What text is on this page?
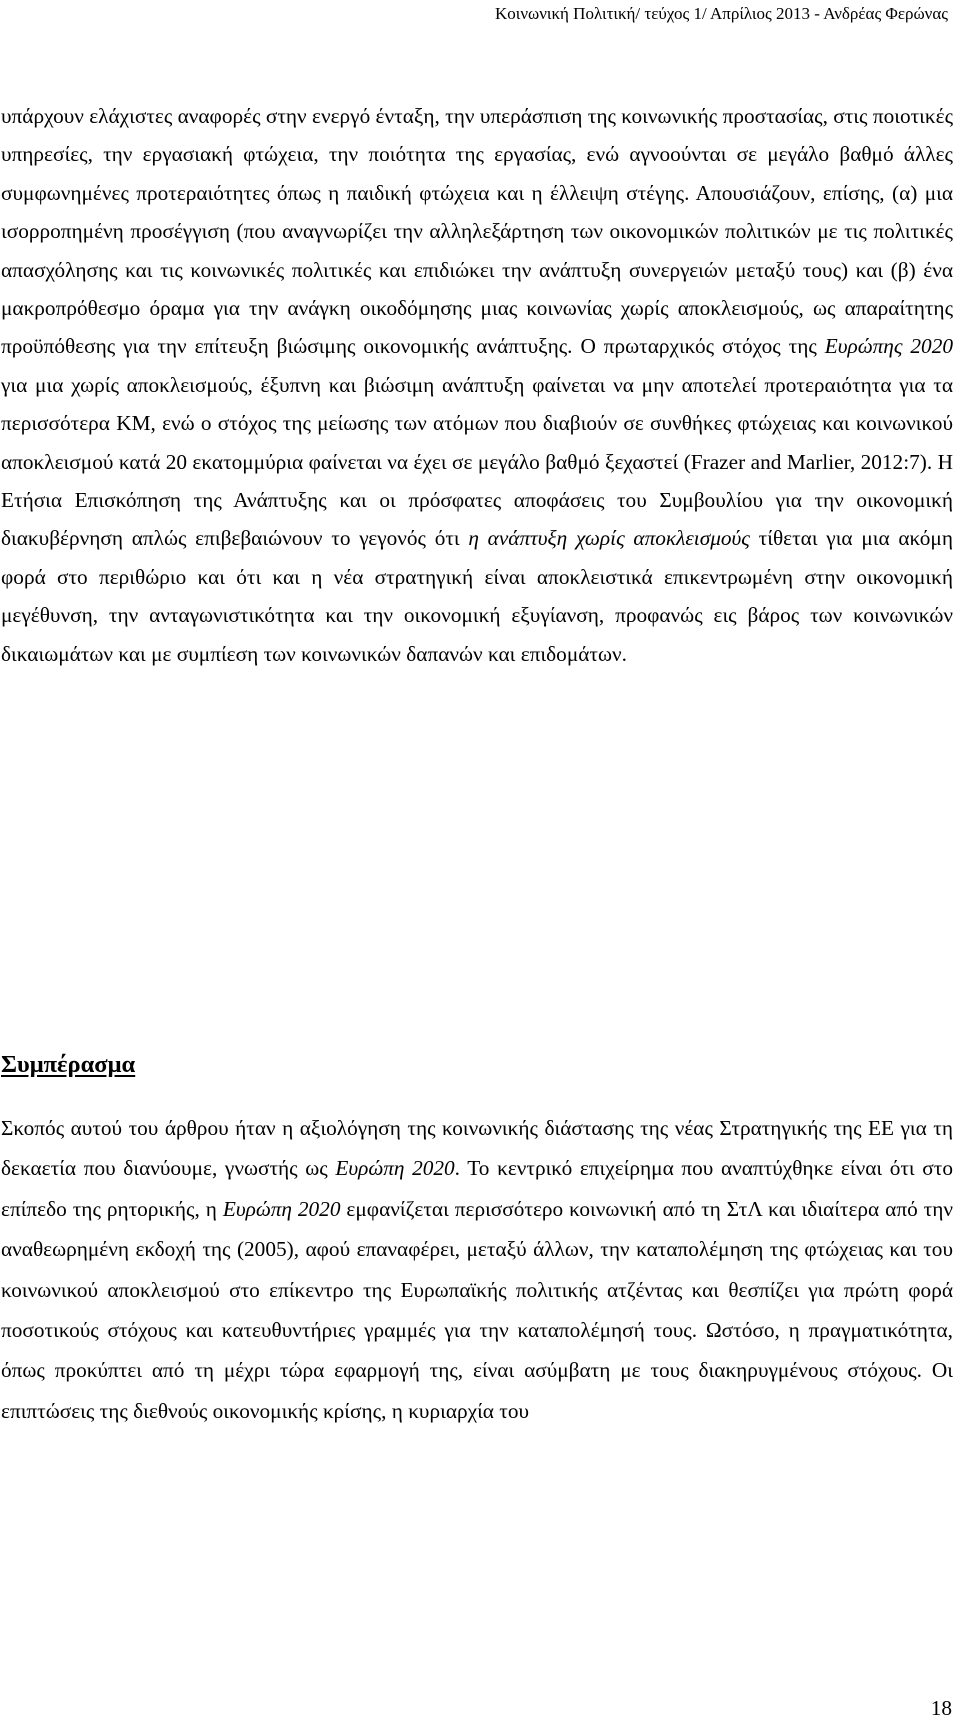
Κοινωνική Πολιτική/ τεύχος 1/ Απρίλιος 2013 - Ανδρέας Φερώνας

υπάρχουν ελάχιστες αναφορές στην ενεργό ένταξη, την υπεράσπιση της κοινωνικής προστασίας, στις ποιοτικές υπηρεσίες, την εργασιακή φτώχεια, την ποιότητα της εργασίας, ενώ αγνοούνται σε μεγάλο βαθμό άλλες συμφωνημένες προτεραιότητες όπως η παιδική φτώχεια και η έλλειψη στέγης. Απουσιάζουν, επίσης, (α) μια ισορροπημένη προσέγγιση (που αναγνωρίζει την αλληλεξάρτηση των οικονομικών πολιτικών με τις πολιτικές απασχόλησης και τις κοινωνικές πολιτικές και επιδιώκει την ανάπτυξη συνεργειών μεταξύ τους) και (β) ένα μακροπρόθεσμο όραμα για την ανάγκη οικοδόμησης μιας κοινωνίας χωρίς αποκλεισμούς, ως απαραίτητης προϋπόθεσης για την επίτευξη βιώσιμης οικονομικής ανάπτυξης. Ο πρωταρχικός στόχος της Ευρώπης 2020 για μια χωρίς αποκλεισμούς, έξυπνη και βιώσιμη ανάπτυξη φαίνεται να μην αποτελεί προτεραιότητα για τα περισσότερα ΚΜ, ενώ ο στόχος της μείωσης των ατόμων που διαβιούν σε συνθήκες φτώχειας και κοινωνικού αποκλεισμού κατά 20 εκατομμύρια φαίνεται να έχει σε μεγάλο βαθμό ξεχαστεί (Frazer and Marlier, 2012:7). Η Ετήσια Επισκόπηση της Ανάπτυξης και οι πρόσφατες αποφάσεις του Συμβουλίου για την οικονομική διακυβέρνηση απλώς επιβεβαιώνουν το γεγονός ότι η ανάπτυξη χωρίς αποκλεισμούς τίθεται για μια ακόμη φορά στο περιθώριο και ότι και η νέα στρατηγική είναι αποκλειστικά επικεντρωμένη στην οικονομική μεγέθυνση, την ανταγωνιστικότητα και την οικονομική εξυγίανση, προφανώς εις βάρος των κοινωνικών δικαιωμάτων και με συμπίεση των κοινωνικών δαπανών και επιδομάτων.

Συμπέρασμα

Σκοπός αυτού του άρθρου ήταν η αξιολόγηση της κοινωνικής διάστασης της νέας Στρατηγικής της ΕΕ για τη δεκαετία που διανύουμε, γνωστής ως Ευρώπη 2020. Το κεντρικό επιχείρημα που αναπτύχθηκε είναι ότι στο επίπεδο της ρητορικής, η Ευρώπη 2020 εμφανίζεται περισσότερο κοινωνική από τη ΣτΛ και ιδιαίτερα από την αναθεωρημένη εκδοχή της (2005), αφού επαναφέρει, μεταξύ άλλων, την καταπολέμηση της φτώχειας και του κοινωνικού αποκλεισμού στο επίκεντρο της Ευρωπαϊκής πολιτικής ατζέντας και θεσπίζει για πρώτη φορά ποσοτικούς στόχους και κατευθυντήριες γραμμές για την καταπολέμησή τους. Ωστόσο, η πραγματικότητα, όπως προκύπτει από τη μέχρι τώρα εφαρμογή της, είναι ασύμβατη με τους διακηρυγμένους στόχους. Οι επιπτώσεις της διεθνούς οικονομικής κρίσης, η κυριαρχία του

18
